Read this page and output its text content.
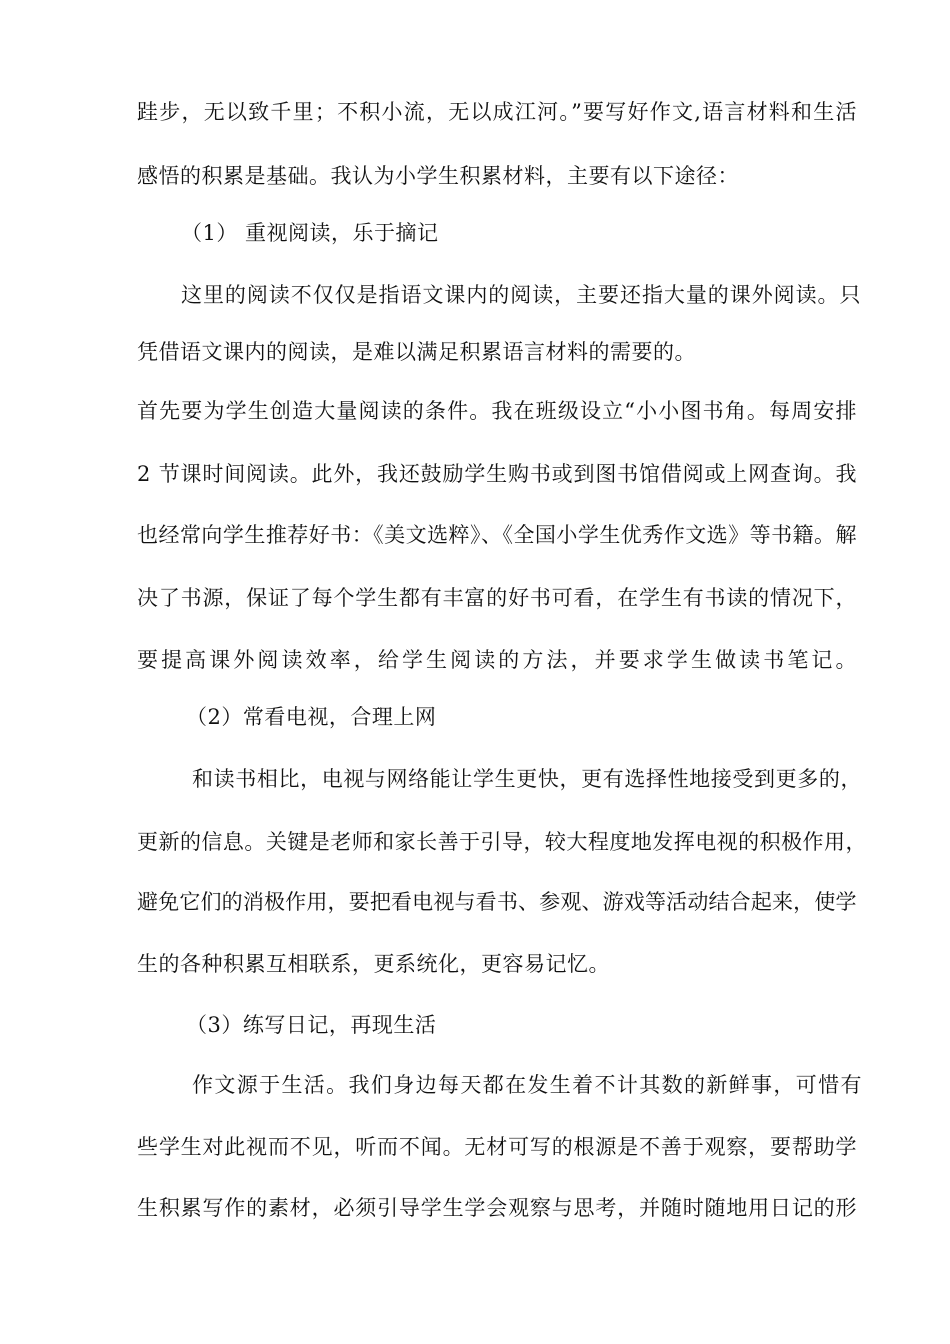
跬步，无以致千里；不积小流，无以成江河。”要写好作文,语言材料和生活
感悟的积累是基础。我认为小学生积累材料，主要有以下途径：
（1） 重视阅读，乐于摘记
这里的阅读不仅仅是指语文课内的阅读，主要还指大量的课外阅读。只
凭借语文课内的阅读，是难以满足积累语言材料的需要的。
首先要为学生创造大量阅读的条件。我在班级设立“小小图书角。每周安排
2 节课时间阅读。此外，我还鼓励学生购书或到图书馆借阅或上网查询。我
也经常向学生推荐好书：《美文选粹》、《全国小学生优秀作文选》等书籍。解
决了书源，保证了每个学生都有丰富的好书可看，在学生有书读的情况下，
要提高课外阅读效率，给学生阅读的方法，并要求学生做读书笔记。
（2）常看电视，合理上网
和读书相比，电视与网络能让学生更快，更有选择性地接受到更多的，
更新的信息。关键是老师和家长善于引导，较大程度地发挥电视的积极作用，
避免它们的消极作用，要把看电视与看书、参观、游戏等活动结合起来，使学
生的各种积累互相联系，更系统化，更容易记忆。
（3）练写日记，再现生活
作文源于生活。我们身边每天都在发生着不计其数的新鲜事，可惜有
些学生对此视而不见，听而不闻。无材可写的根源是不善于观察，要帮助学
生积累写作的素材，必须引导学生学会观察与思考，并随时随地用日记的形
